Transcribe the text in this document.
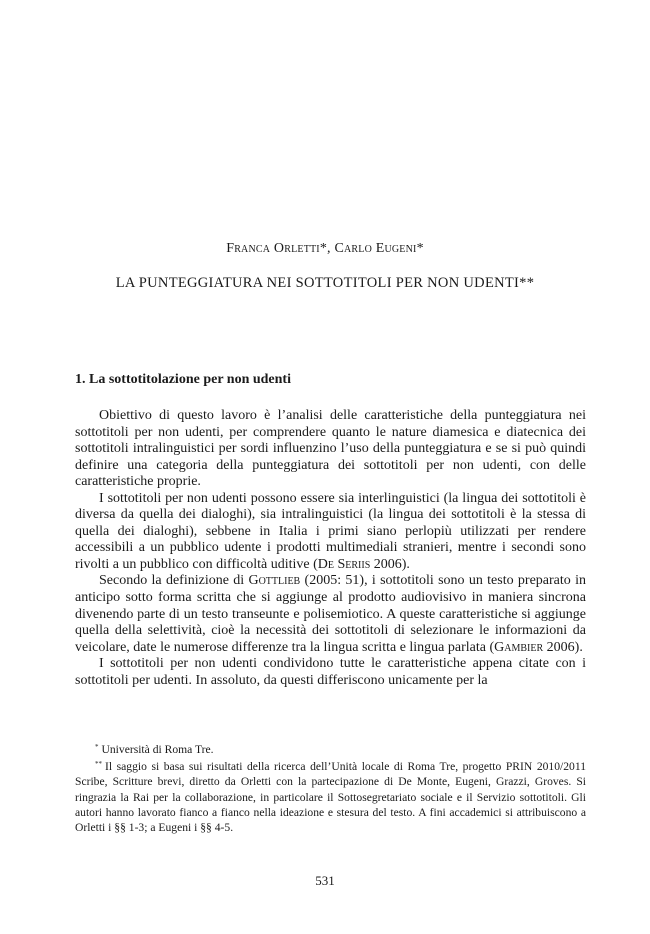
Franca Orletti*, Carlo Eugeni*
LA PUNTEGGIATURA NEI SOTTOTITOLI PER NON UDENTI**
1. La sottotitolazione per non udenti

Obiettivo di questo lavoro è l’analisi delle caratteristiche della punteggiatura nei sottotitoli per non udenti, per comprendere quanto le nature diamesica e diatecnica dei sottotitoli intralinguistici per sordi influenzino l’uso della punteggiatura e se si può quindi definire una categoria della punteggiatura dei sottotitoli per non udenti, con delle caratteristiche proprie.

I sottotitoli per non udenti possono essere sia interlinguistici (la lingua dei sottotitoli è diversa da quella dei dialoghi), sia intralinguistici (la lingua dei sottotitoli è la stessa di quella dei dialoghi), sebbene in Italia i primi siano perlopiù utilizzati per rendere accessibili a un pubblico udente i prodotti multimediali stranieri, mentre i secondi sono rivolti a un pubblico con difficoltà uditive (De Seriis 2006).

Secondo la definizione di Gottlieb (2005: 51), i sottotitoli sono un testo preparato in anticipo sotto forma scritta che si aggiunge al prodotto audiovisivo in maniera sincrona divenendo parte di un testo transeunte e polisemiotico. A queste caratteristiche si aggiunge quella della selettività, cioè la necessità dei sottotitoli di selezionare le informazioni da veicolare, date le numerose differenze tra la lingua scritta e lingua parlata (Gambier 2006).

I sottotitoli per non udenti condividono tutte le caratteristiche appena citate con i sottotitoli per udenti. In assoluto, da questi differiscono unicamente per la

* Università di Roma Tre.

** Il saggio si basa sui risultati della ricerca dell’Unità locale di Roma Tre, progetto PRIN 2010/2011 Scribe, Scritture brevi, diretto da Orletti con la partecipazione di De Monte, Eugeni, Grazzi, Groves. Si ringrazia la Rai per la collaborazione, in particolare il Sottosegretariato sociale e il Servizio sottotitoli. Gli autori hanno lavorato fianco a fianco nella ideazione e stesura del testo. A fini accademici si attribuiscono a Orletti i §§ 1-3; a Eugeni i §§ 4-5.

531
